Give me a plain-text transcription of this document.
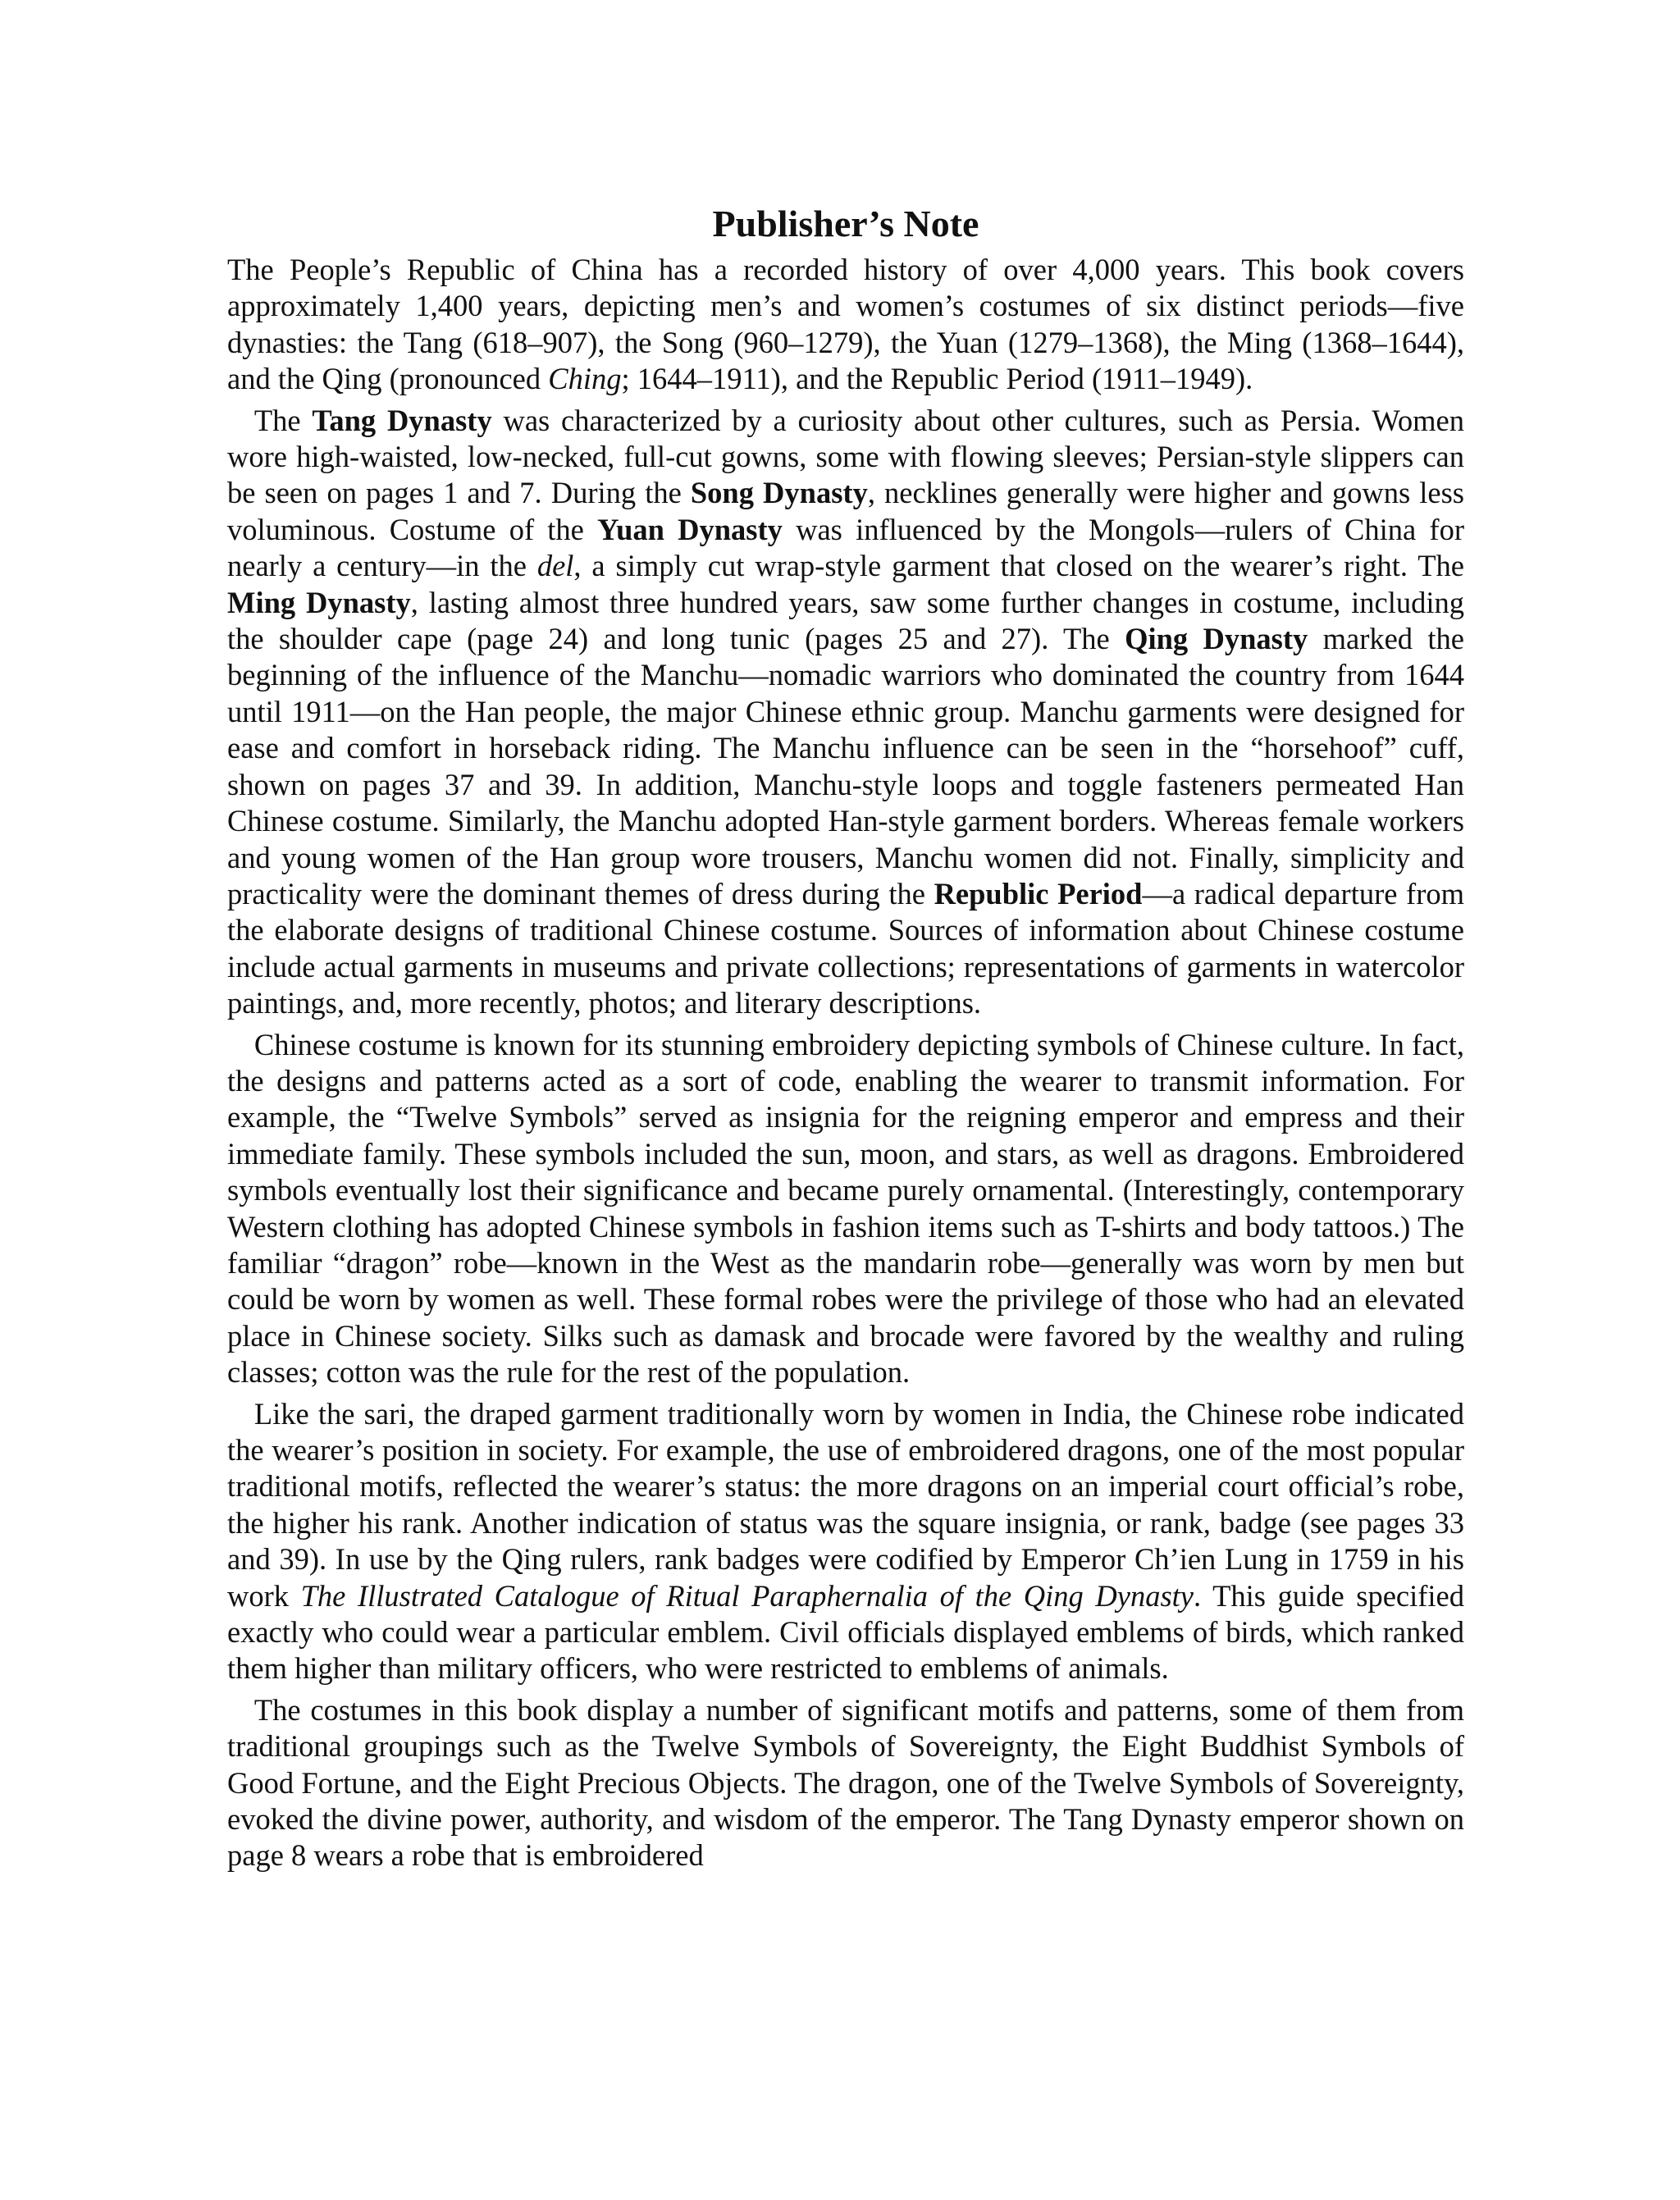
Publisher’s Note

The People’s Republic of China has a recorded history of over 4,000 years. This book covers approximately 1,400 years, depicting men’s and women’s costumes of six distinct periods—five dynasties: the Tang (618–907), the Song (960–1279), the Yuan (1279–1368), the Ming (1368–1644), and the Qing (pronounced Ching; 1644–1911), and the Republic Period (1911–1949).

The Tang Dynasty was characterized by a curiosity about other cultures, such as Persia. Women wore high-waisted, low-necked, full-cut gowns, some with flowing sleeves; Persian-style slippers can be seen on pages 1 and 7. During the Song Dynasty, necklines generally were higher and gowns less voluminous. Costume of the Yuan Dynasty was influenced by the Mongols—rulers of China for nearly a century—in the del, a simply cut wrap-style garment that closed on the wearer’s right. The Ming Dynasty, lasting almost three hundred years, saw some further changes in costume, including the shoulder cape (page 24) and long tunic (pages 25 and 27). The Qing Dynasty marked the beginning of the influence of the Manchu—nomadic warriors who dominated the country from 1644 until 1911—on the Han people, the major Chinese ethnic group. Manchu garments were designed for ease and comfort in horseback riding. The Manchu influence can be seen in the “horsehoof” cuff, shown on pages 37 and 39. In addition, Manchu-style loops and toggle fasteners permeated Han Chinese costume. Similarly, the Manchu adopted Han-style garment borders. Whereas female workers and young women of the Han group wore trousers, Manchu women did not. Finally, simplicity and practicality were the dominant themes of dress during the Republic Period—a radical departure from the elaborate designs of traditional Chinese costume. Sources of information about Chinese costume include actual garments in museums and private collections; representations of garments in watercolor paintings, and, more recently, photos; and literary descriptions.

Chinese costume is known for its stunning embroidery depicting symbols of Chinese culture. In fact, the designs and patterns acted as a sort of code, enabling the wearer to transmit information. For example, the “Twelve Symbols” served as insignia for the reigning emperor and empress and their immediate family. These symbols included the sun, moon, and stars, as well as dragons. Embroidered symbols eventually lost their significance and became purely ornamental. (Interestingly, contemporary Western clothing has adopted Chinese symbols in fashion items such as T-shirts and body tattoos.) The familiar “dragon” robe—known in the West as the mandarin robe—generally was worn by men but could be worn by women as well. These formal robes were the privilege of those who had an elevated place in Chinese society. Silks such as damask and brocade were favored by the wealthy and ruling classes; cotton was the rule for the rest of the population.

Like the sari, the draped garment traditionally worn by women in India, the Chinese robe indicated the wearer’s position in society. For example, the use of embroidered dragons, one of the most popular traditional motifs, reflected the wearer’s status: the more dragons on an imperial court official’s robe, the higher his rank. Another indication of status was the square insignia, or rank, badge (see pages 33 and 39). In use by the Qing rulers, rank badges were codified by Emperor Ch’ien Lung in 1759 in his work The Illustrated Catalogue of Ritual Paraphernalia of the Qing Dynasty. This guide specified exactly who could wear a particular emblem. Civil officials displayed emblems of birds, which ranked them higher than military officers, who were restricted to emblems of animals.

The costumes in this book display a number of significant motifs and patterns, some of them from traditional groupings such as the Twelve Symbols of Sovereignty, the Eight Buddhist Symbols of Good Fortune, and the Eight Precious Objects. The dragon, one of the Twelve Symbols of Sovereignty, evoked the divine power, authority, and wisdom of the emperor. The Tang Dynasty emperor shown on page 8 wears a robe that is embroidered
